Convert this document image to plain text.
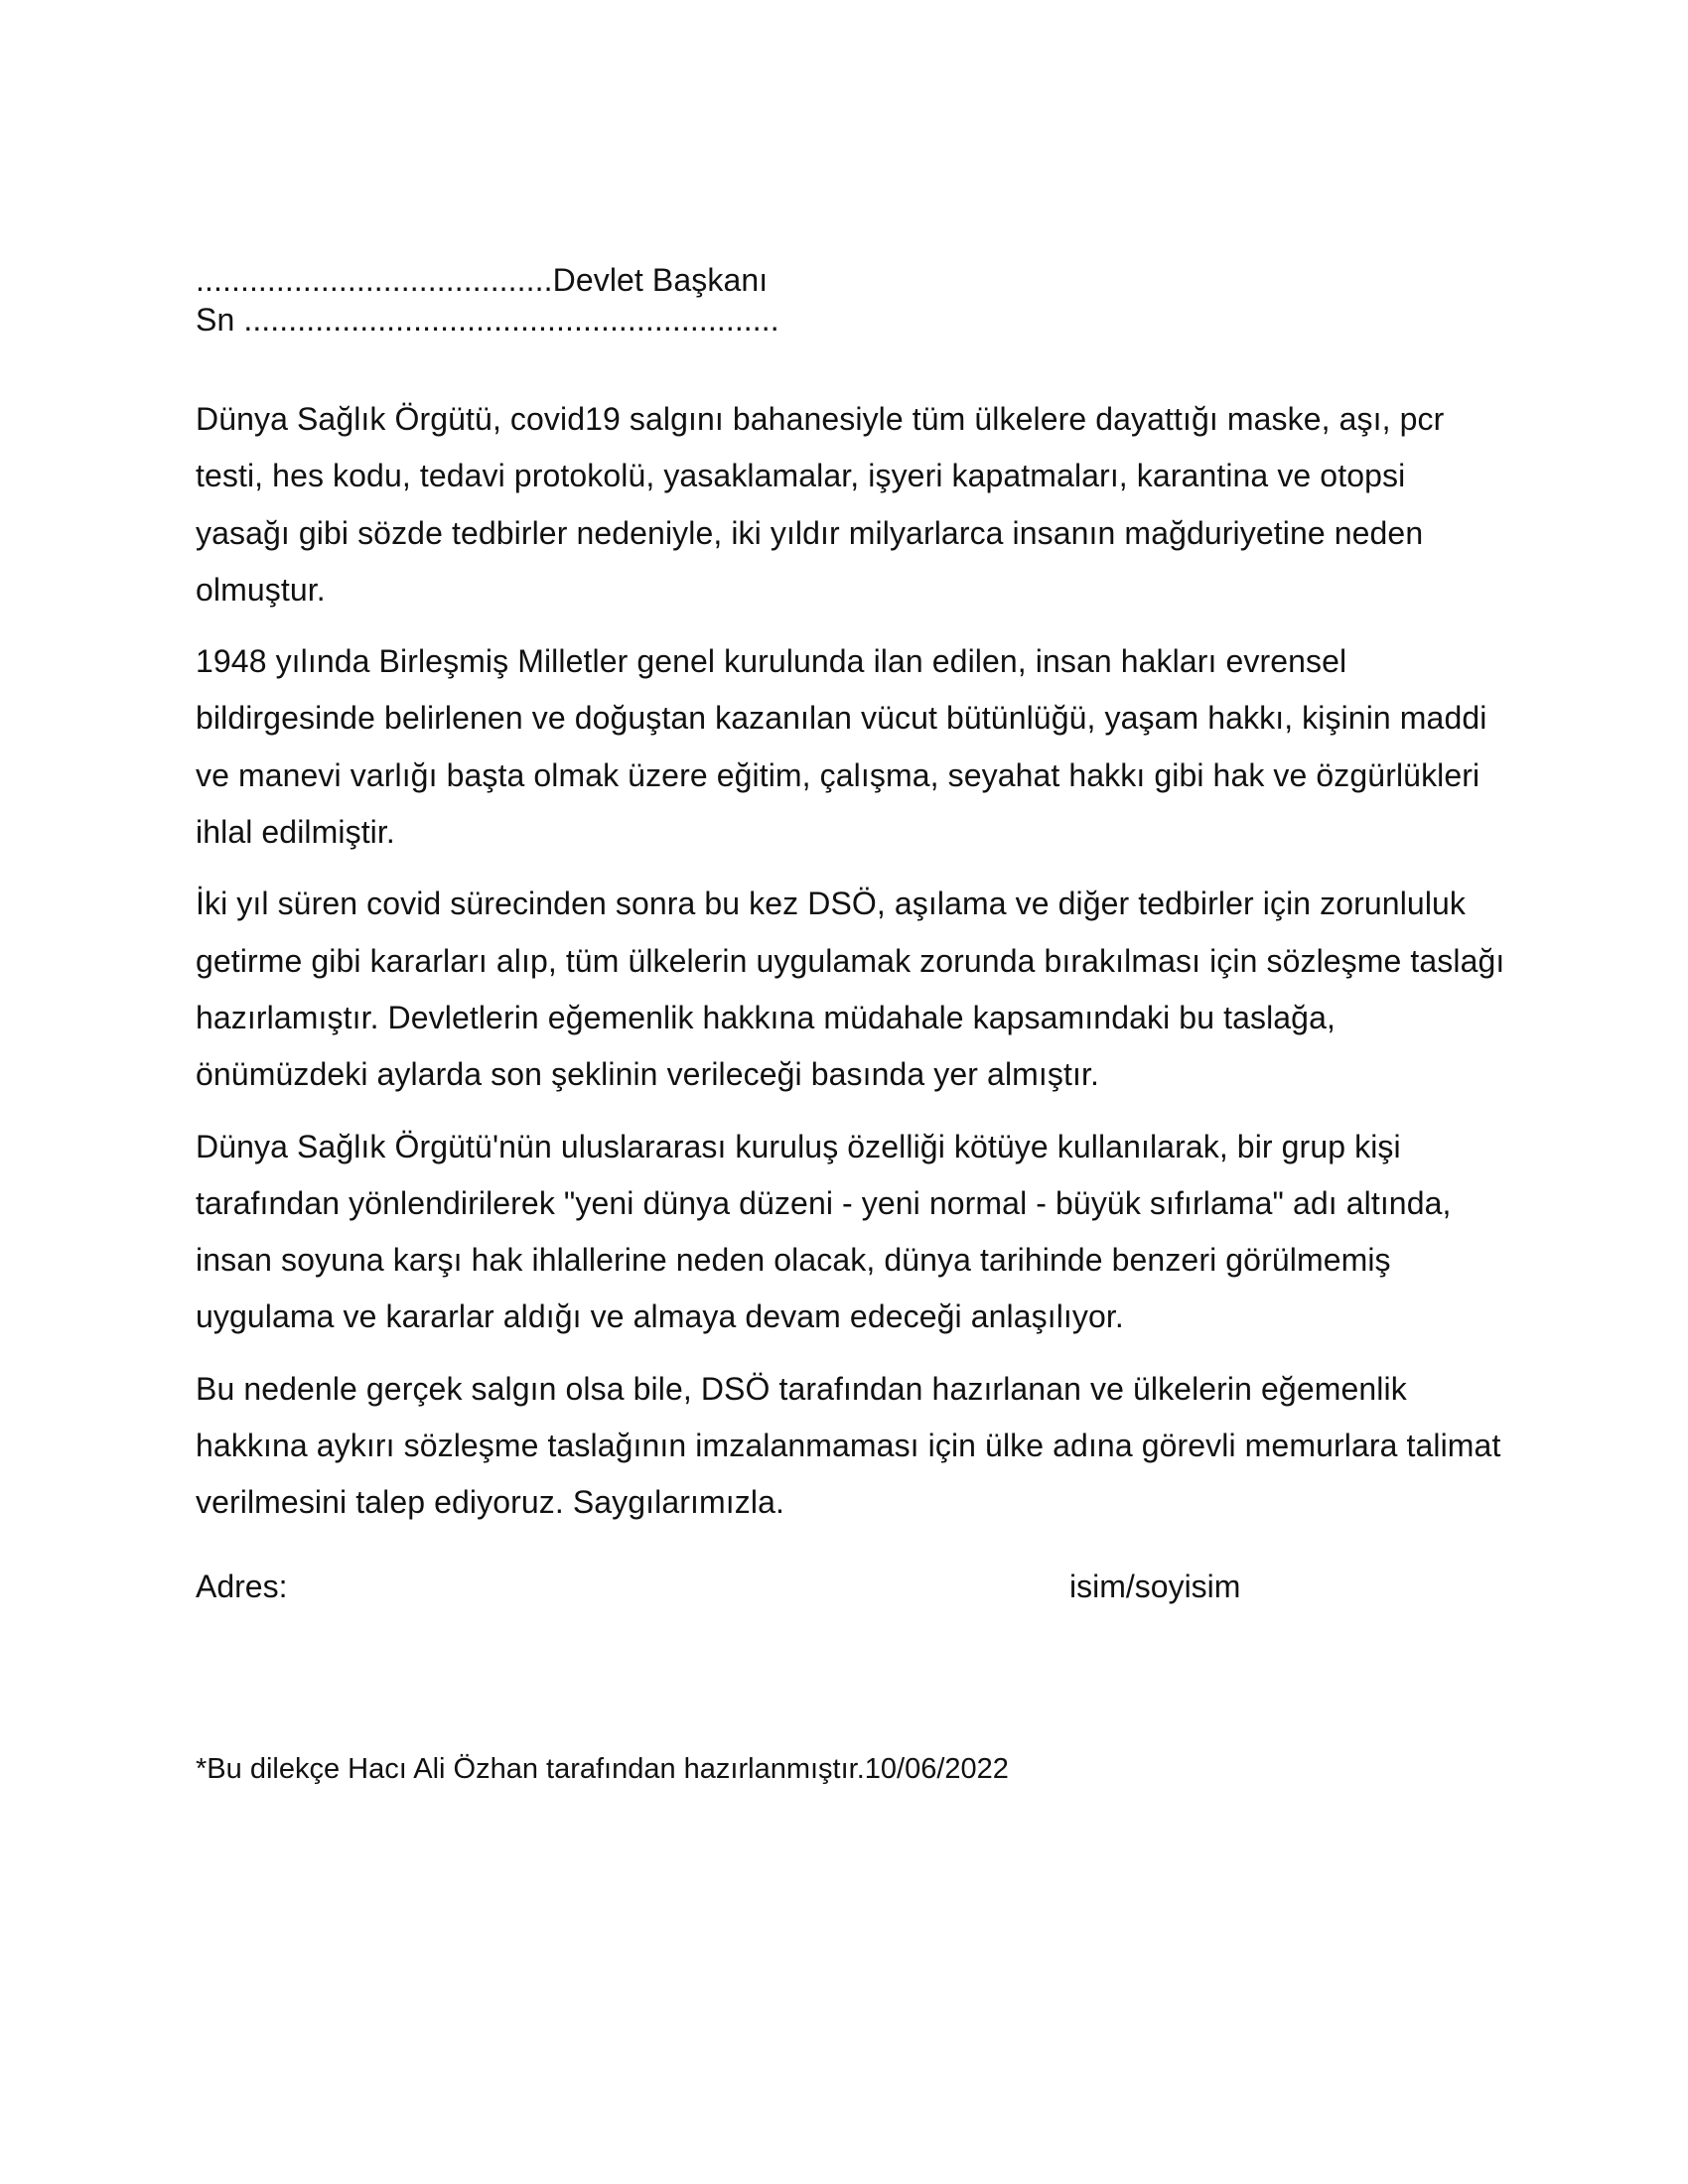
........................................Devlet Başkanı
Sn ............................................................

Dünya Sağlık Örgütü, covid19 salgını bahanesiyle tüm ülkelere dayattığı maske, aşı, pcr testi, hes kodu, tedavi protokolü, yasaklamalar, işyeri kapatmaları, karantina ve otopsi yasağı gibi sözde tedbirler nedeniyle, iki yıldır milyarlarca insanın mağduriyetine neden olmuştur.

1948 yılında Birleşmiş Milletler genel kurulunda ilan edilen, insan hakları evrensel bildirgesinde belirlenen ve doğuştan kazanılan vücut bütünlüğü, yaşam hakkı, kişinin maddi ve manevi varlığı başta olmak üzere eğitim, çalışma, seyahat hakkı gibi hak ve özgürlükleri ihlal edilmiştir.

İki yıl süren covid sürecinden sonra bu kez DSÖ, aşılama ve diğer tedbirler için zorunluluk getirme gibi kararları alıp, tüm ülkelerin uygulamak zorunda bırakılması için sözleşme taslağı hazırlamıştır. Devletlerin eğemenlik hakkına müdahale kapsamındaki bu taslağa, önümüzdeki aylarda son şeklinin verileceği basında yer almıştır.

Dünya Sağlık Örgütü'nün uluslararası kuruluş özelliği kötüye kullanılarak, bir grup kişi tarafından yönlendirilerek "yeni dünya düzeni - yeni normal - büyük sıfırlama" adı altında, insan soyuna karşı hak ihlallerine neden olacak, dünya tarihinde benzeri görülmemiş uygulama ve kararlar aldığı ve almaya devam edeceği anlaşılıyor.

Bu nedenle gerçek salgın olsa bile, DSÖ tarafından hazırlanan ve ülkelerin eğemenlik hakkına aykırı sözleşme taslağının imzalanmaması için ülke adına görevli memurlara talimat verilmesini talep ediyoruz. Saygılarımızla.

Adres:	isim/soyisim
*Bu dilekçe Hacı Ali Özhan tarafından hazırlanmıştır.10/06/2022
